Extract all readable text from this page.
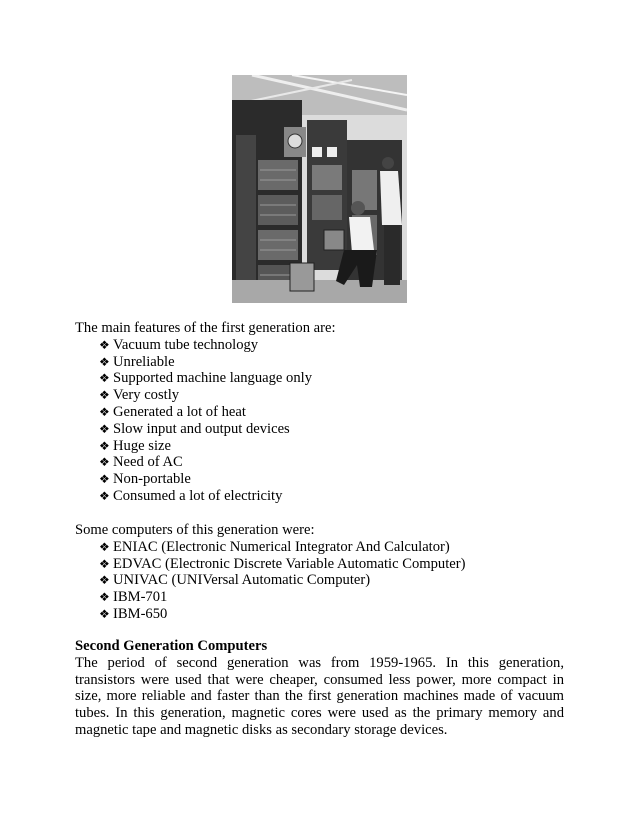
The main features of the first generation are:

❖ Vacuum tube technology
❖ Unreliable
❖ Supported machine language only
❖ Very costly
❖ Generated a lot of heat
❖ Slow input and output devices
❖ Huge size
❖ Need of AC
❖ Non-portable
❖ Consumed a lot of electricity

Some computers of this generation were:

❖ ENIAC (Electronic Numerical Integrator And Calculator)
❖ EDVAC (Electronic Discrete Variable Automatic Computer)
❖ UNIVAC (UNIVersal Automatic Computer)
❖ IBM-701
❖ IBM-650

Second Generation Computers

The period of second generation was from 1959-1965. In this generation, transistors were used that were cheaper, consumed less power, more compact in size, more reliable and faster than the first generation machines made of vacuum tubes. In this generation, magnetic cores were used as the primary memory and magnetic tape and magnetic disks as secondary storage devices.
